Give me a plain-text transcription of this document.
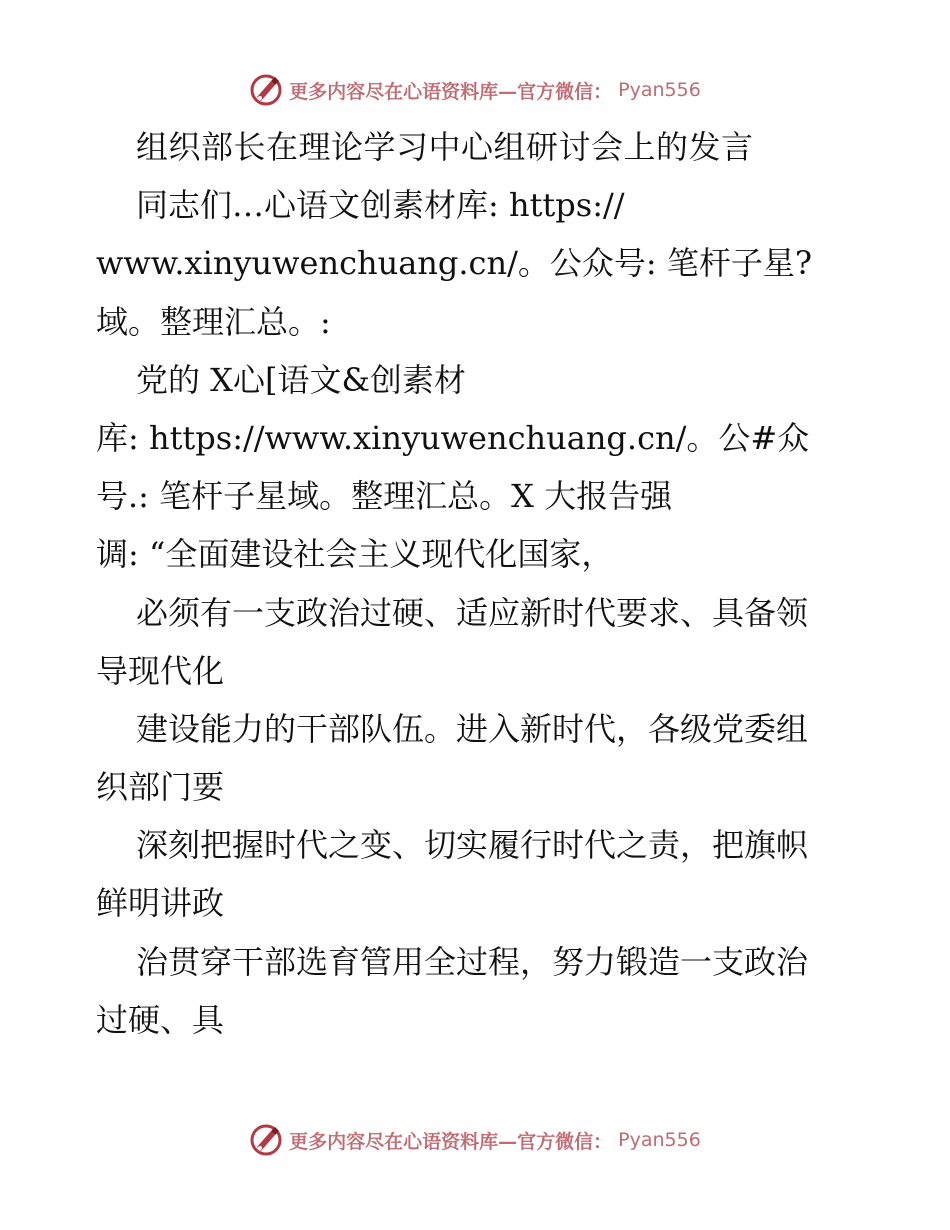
更多内容尽在心语资料库—官方微信： Pyan556

组织部长在理论学习中心组研讨会上的发言

同志们…心语文创素材库: https://

www.xinyuwenchuang.cn/。公众号: 笔杆子星?

域。整理汇总。:

党的 X心[语文&创素材

库: https://www.xinyuwenchuang.cn/。公#众

号.: 笔杆子星域。整理汇总。X 大报告强

调: “全面建设社会主义现代化国家，

必须有一支政治过硬、适应新时代要求、具备领

导现代化

建设能力的干部队伍。进入新时代，各级党委组

织部门要

深刻把握时代之变、切实履行时代之责，把旗帜

鲜明讲政

治贯穿干部选育管用全过程，努力锻造一支政治

过硬、具

更多内容尽在心语资料库—官方微信： Pyan556
